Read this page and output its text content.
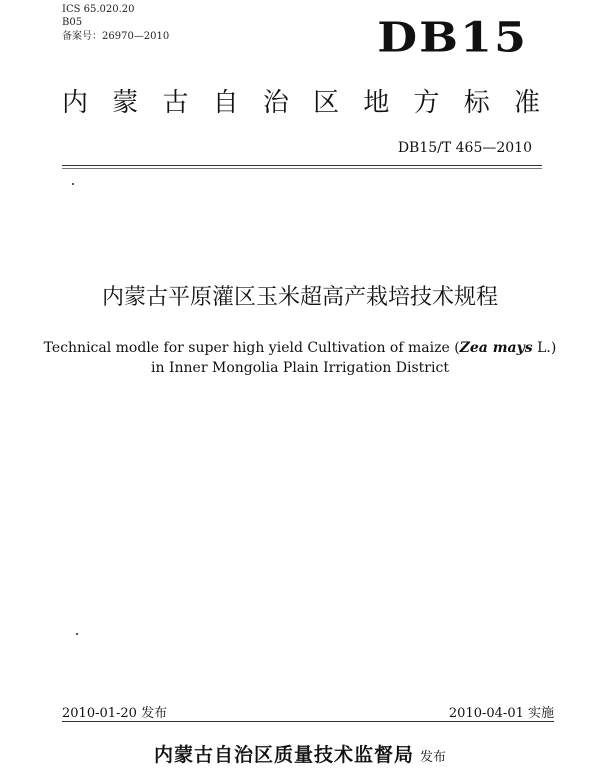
ICS 65.020.20
B05
备案号：26970—2010	DB15
内 蒙 古 自 治 区 地 方 标 准
DB15/T 465—2010
内蒙古平原灌区玉米超高产栽培技术规程
Technical modle for super high yield Cultivation of maize (Zea mays L.)
in Inner Mongolia Plain Irrigation District
2010-01-20 发布	2010-04-01 实施
内蒙古自治区质量技术监督局 发布
